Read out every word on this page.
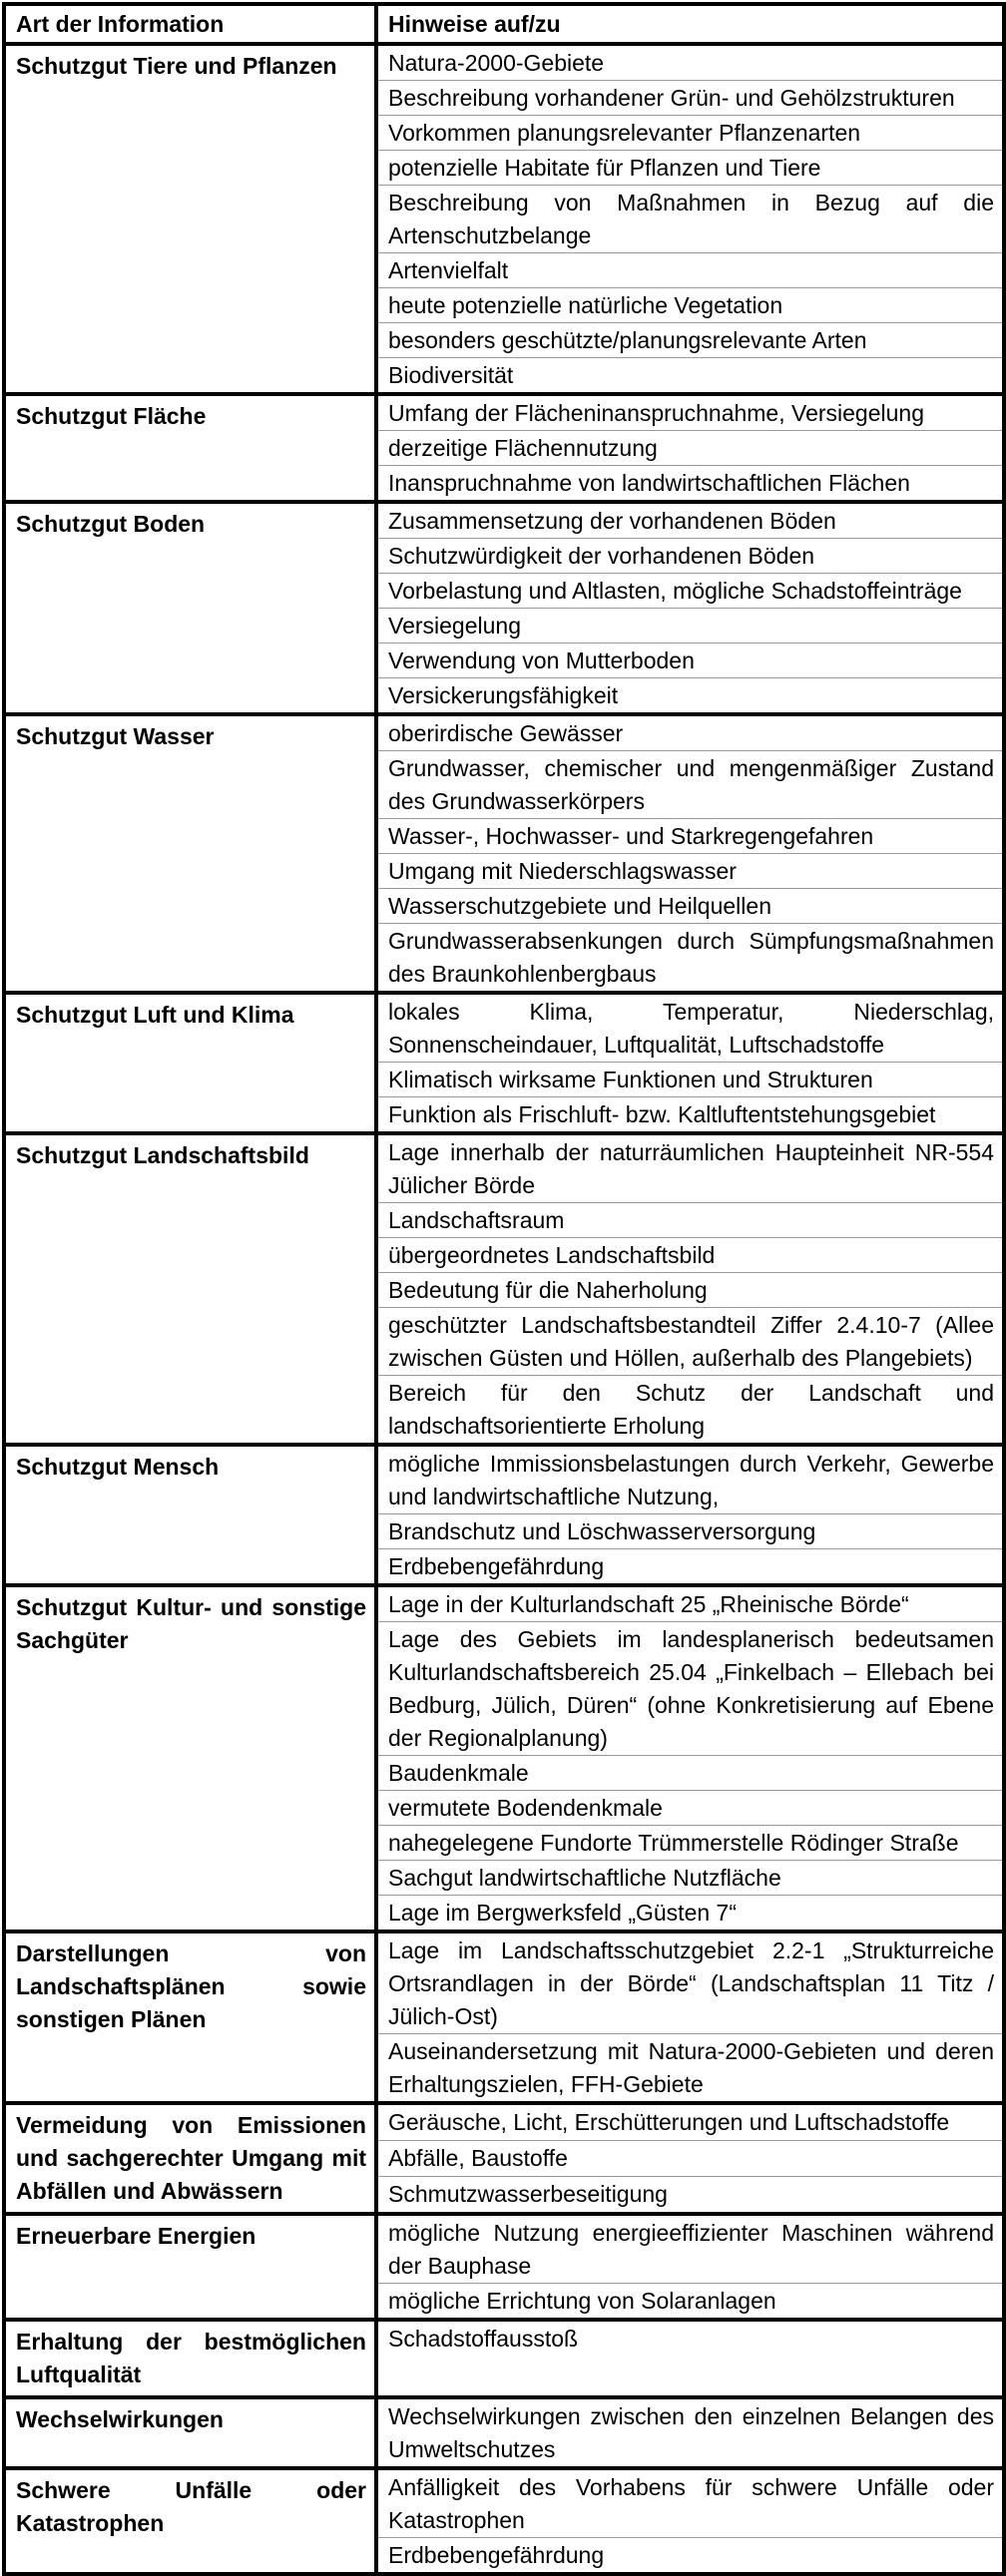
Art der Information	Hinweise auf/zu
Schutzgut Tiere und Pflanzen	Natura-2000-Gebiete
	Beschreibung vorhandener Grün- und Gehölzstrukturen
	Vorkommen planungsrelevanter Pflanzenarten
	potenzielle Habitate für Pflanzen und Tiere
	Beschreibung von Maßnahmen in Bezug auf die Artenschutzbelange
	Artenvielfalt
	heute potenzielle natürliche Vegetation
	besonders geschützte/planungsrelevante Arten
	Biodiversität
Schutzgut Fläche	Umfang der Flächeninanspruchnahme, Versiegelung
	derzeitige Flächennutzung
	Inanspruchnahme von landwirtschaftlichen Flächen
Schutzgut Boden	Zusammensetzung der vorhandenen Böden
	Schutzwürdigkeit der vorhandenen Böden
	Vorbelastung und Altlasten, mögliche Schadstoffeinträge
	Versiegelung
	Verwendung von Mutterboden
	Versickerungsfähigkeit
Schutzgut Wasser	oberirdische Gewässer
	Grundwasser, chemischer und mengenmäßiger Zustand des Grundwasserkörpers
	Wasser-, Hochwasser- und Starkregengefahren
	Umgang mit Niederschlagswasser
	Wasserschutzgebiete und Heilquellen
	Grundwasserabsenkungen durch Sümpfungsmaßnahmen des Braunkohlenbergbaus
Schutzgut Luft und Klima	lokales Klima, Temperatur, Niederschlag, Sonnenscheindauer, Luftqualität, Luftschadstoffe
	Klimatisch wirksame Funktionen und Strukturen
	Funktion als Frischluft- bzw. Kaltluftentstehungsgebiet
Schutzgut Landschaftsbild	Lage innerhalb der naturräumlichen Haupteinheit NR-554 Jülicher Börde
	Landschaftsraum
	übergeordnetes Landschaftsbild
	Bedeutung für die Naherholung
	geschützter Landschaftsbestandteil Ziffer 2.4.10-7 (Allee zwischen Güsten und Höllen, außerhalb des Plangebiets)
	Bereich für den Schutz der Landschaft und landschaftsorientierte Erholung
Schutzgut Mensch	mögliche Immissionsbelastungen durch Verkehr, Gewerbe und landwirtschaftliche Nutzung,
	Brandschutz und Löschwasserversorgung
	Erdbebengefährdung
Schutzgut Kultur- und sonstige Sachgüter	Lage in der Kulturlandschaft 25 „Rheinische Börde“
	Lage des Gebiets im landesplanerisch bedeutsamen Kulturlandschaftsbereich 25.04 „Finkelbach – Ellebach bei Bedburg, Jülich, Düren“ (ohne Konkretisierung auf Ebene der Regionalplanung)
	Baudenkmale
	vermutete Bodendenkmale
	nahegelegene Fundorte Trümmerstelle Rödinger Straße
	Sachgut landwirtschaftliche Nutzfläche
	Lage im Bergwerksfeld „Güsten 7“
Darstellungen von Landschaftsplänen sowie sonstigen Plänen	Lage im Landschaftsschutzgebiet 2.2-1 „Strukturreiche Ortsrandlagen in der Börde“ (Landschaftsplan 11 Titz / Jülich-Ost)
	Auseinandersetzung mit Natura-2000-Gebieten und deren Erhaltungszielen, FFH-Gebiete
Vermeidung von Emissionen und sachgerechter Umgang mit Abfällen und Abwässern	Geräusche, Licht, Erschütterungen und Luftschadstoffe
	Abfälle, Baustoffe
	Schmutzwasserbeseitigung
Erneuerbare Energien	mögliche Nutzung energieeffizienter Maschinen während der Bauphase
	mögliche Errichtung von Solaranlagen
Erhaltung der bestmöglichen Luftqualität	Schadstoffausstoß
Wechselwirkungen	Wechselwirkungen zwischen den einzelnen Belangen des Umweltschutzes
Schwere Unfälle oder Katastrophen	Anfälligkeit des Vorhabens für schwere Unfälle oder Katastrophen
	Erdbebengefährdung
